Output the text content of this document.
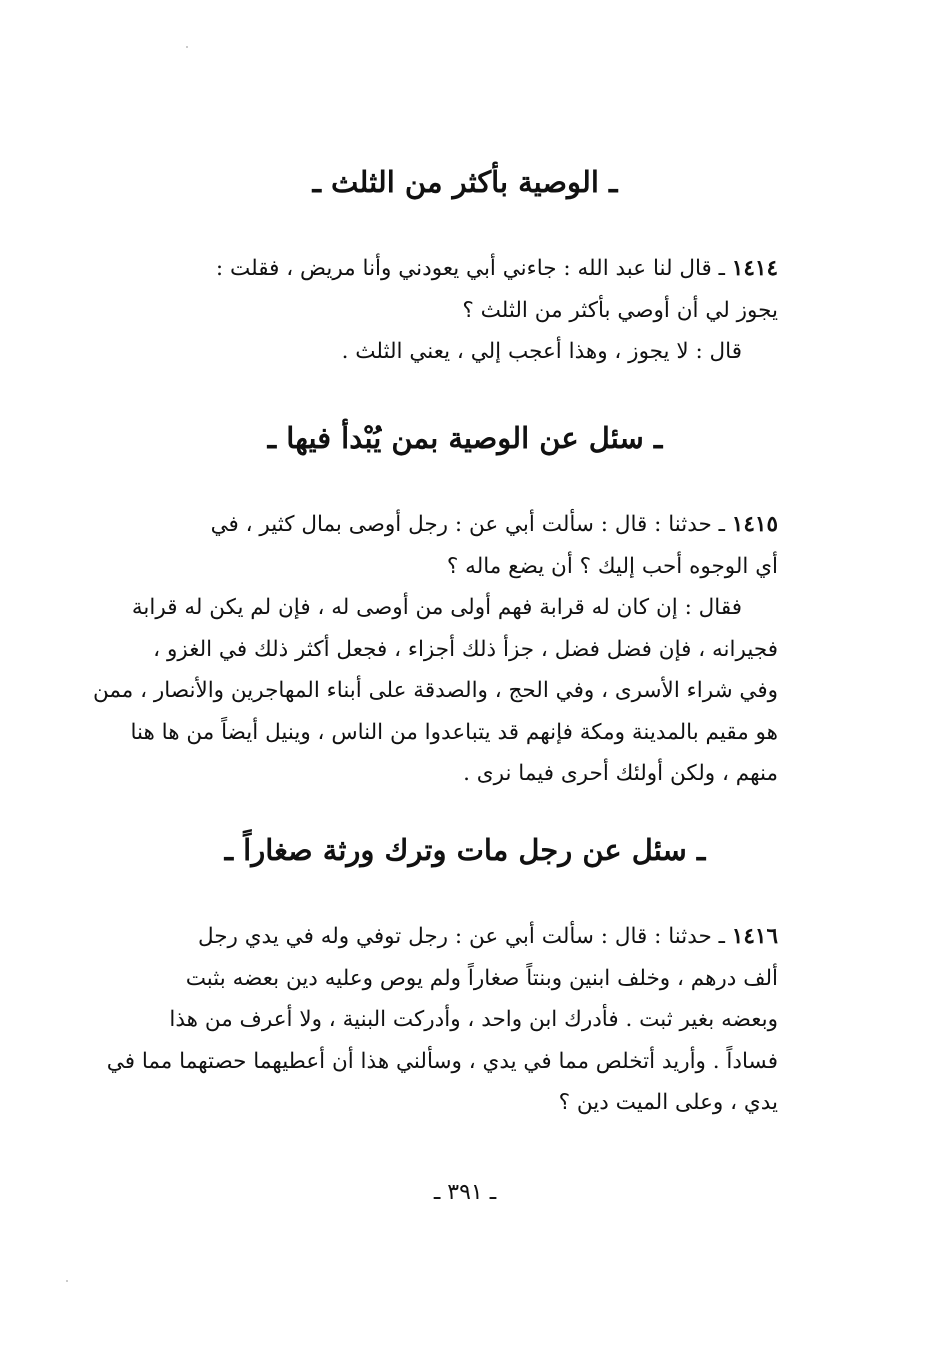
ـ الوصية بأكثر من الثلث ـ
١٤١٤ ـ قال لنا عبد الله : جاءني أبي يعودني وأنا مريض ، فقلت :
يجوز لي أن أوصي بأكثر من الثلث ؟
قال : لا يجوز ، وهذا أعجب إلي ، يعني الثلث .
ـ سئل عن الوصية بمن يُبْدأ فيها ـ
١٤١٥ ـ حدثنا : قال : سألت أبي عن : رجل أوصى بمال كثير ، في
أي الوجوه أحب إليك ؟ أن يضع ماله ؟
فقال : إن كان له قرابة فهم أولى من أوصى له ، فإن لم يكن له قرابة
فجيرانه ، فإن فضل فضل ، جزأ ذلك أجزاء ، فجعل أكثر ذلك في الغزو ،
وفي شراء الأسرى ، وفي الحج ، والصدقة على أبناء المهاجرين والأنصار ، ممن
هو مقيم بالمدينة ومكة فإنهم قد يتباعدوا من الناس ، وينيل أيضاً من ها هنا
منهم ، ولكن أولئك أحرى فيما نرى .
ـ سئل عن رجل مات وترك ورثة صغاراً ـ
١٤١٦ ـ حدثنا : قال : سألت أبي عن : رجل توفي وله في يدي رجل
ألف درهم ، وخلف ابنين وبنتاً صغاراً ولم يوص وعليه دين بعضه بثبت
وبعضه بغير ثبت . فأدرك ابن واحد ، وأدركت البنية ، ولا أعرف من هذا
فساداً . وأريد أتخلص مما في يدي ، وسألني هذا أن أعطيهما حصتهما مما في
يدي ، وعلى الميت دين ؟
ـ ٣٩١ ـ
